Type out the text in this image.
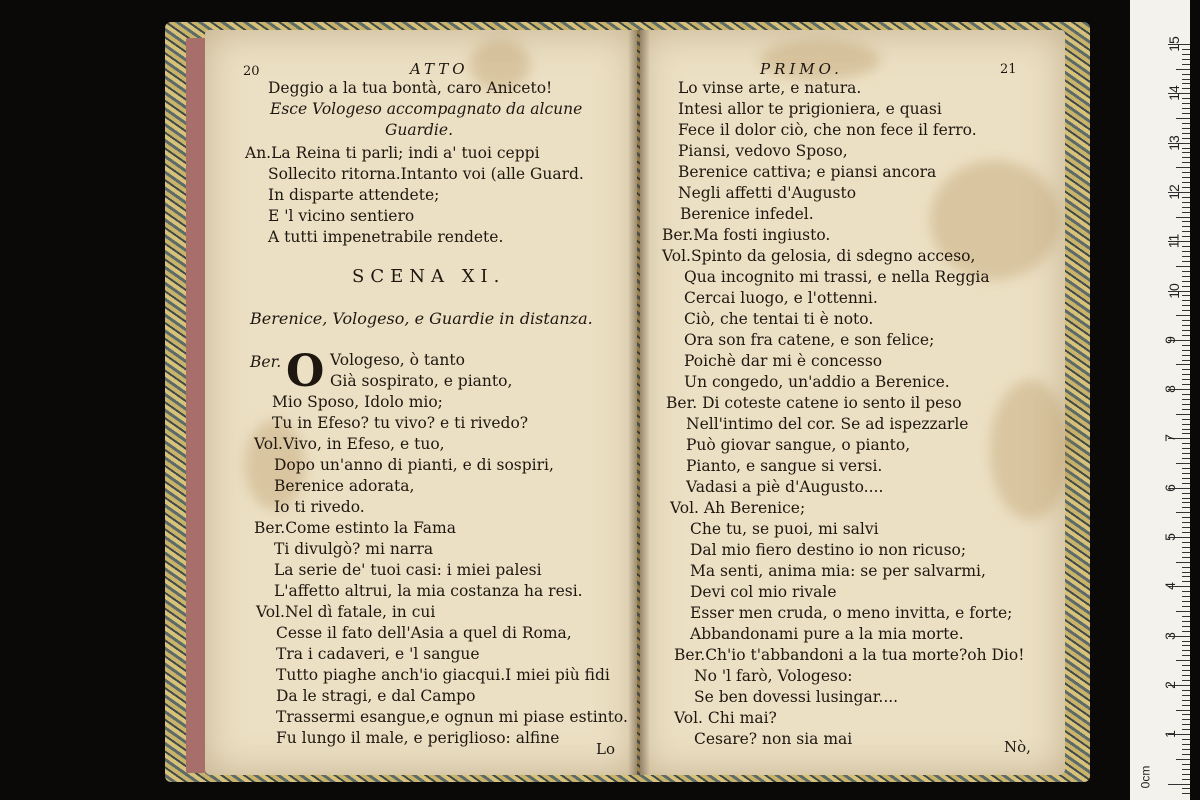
20	ATTO
Deggio a la tua bontà, caro Aniceto!
Esce Vologeso accompagnato da alcune
Guardie.
An.La Reina ti parli; indi a' tuoi ceppi
Sollecito ritorna.Intanto voi (alle Guard.
In disparte attendete;
E 'l vicino sentiero
A tutti impenetrabile rendete.
SCENA XI.
Berenice, Vologeso, e Guardie in distanza.
Ber. O Vologeso, ò tanto
Già sospirato, e pianto,
Mio Sposo, Idolo mio;
Tu in Efeso? tu vivo? e ti rivedo?
Vol.Vivo, in Efeso, e tuo,
Dopo un'anno di pianti, e di sospiri,
Berenice adorata,
Io ti rivedo.
Ber.Come estinto la Fama
Ti divulgò? mi narra
La serie de' tuoi casi: i miei palesi
L'affetto altrui, la mia costanza ha resi.
Vol.Nel dì fatale, in cui
Cesse il fato dell'Asia a quel di Roma,
Tra i cadaveri, e 'l sangue
Tutto piaghe anch'io giacqui.I miei più fidi
Da le stragi, e dal Campo
Trassermi esangue,e ognun mi piase estinto.
Fu lungo il male, e periglioso: alfine
Lo
PRIMO.	21
Lo vinse arte, e natura.
Intesi allor te prigioniera, e quasi
Fece il dolor ciò, che non fece il ferro.
Piansi, vedovo Sposo,
Berenice cattiva; e piansi ancora
Negli affetti d'Augusto
Berenice infedel.
Ber.Ma fosti ingiusto.
Vol.Spinto da gelosia, di sdegno acceso,
Qua incognito mi trassi, e nella Reggia
Cercai luogo, e l'ottenni.
Ciò, che tentai ti è noto.
Ora son fra catene, e son felice;
Poichè dar mi è concesso
Un congedo, un'addio a Berenice.
Ber. Di coteste catene io sento il peso
Nell'intimo del cor. Se ad ispezzarle
Può giovar sangue, o pianto,
Pianto, e sangue si versi.
Vadasi a piè d'Augusto....
Vol. Ah Berenice;
Che tu, se puoi, mi salvi
Dal mio fiero destino io non ricuso;
Ma senti, anima mia: se per salvarmi,
Devi col mio rivale
Esser men cruda, o meno invitta, e forte;
Abbandonami pure a la mia morte.
Ber.Ch'io t'abbandoni a la tua morte?oh Dio!
No 'l farò, Vologeso:
Se ben dovessi lusingar....
Vol. Chi mai?
Cesare? non sia mai	Nò,
15
14
13
12
11
10
9
8
7
6
5
4
3
2
1
0cm
